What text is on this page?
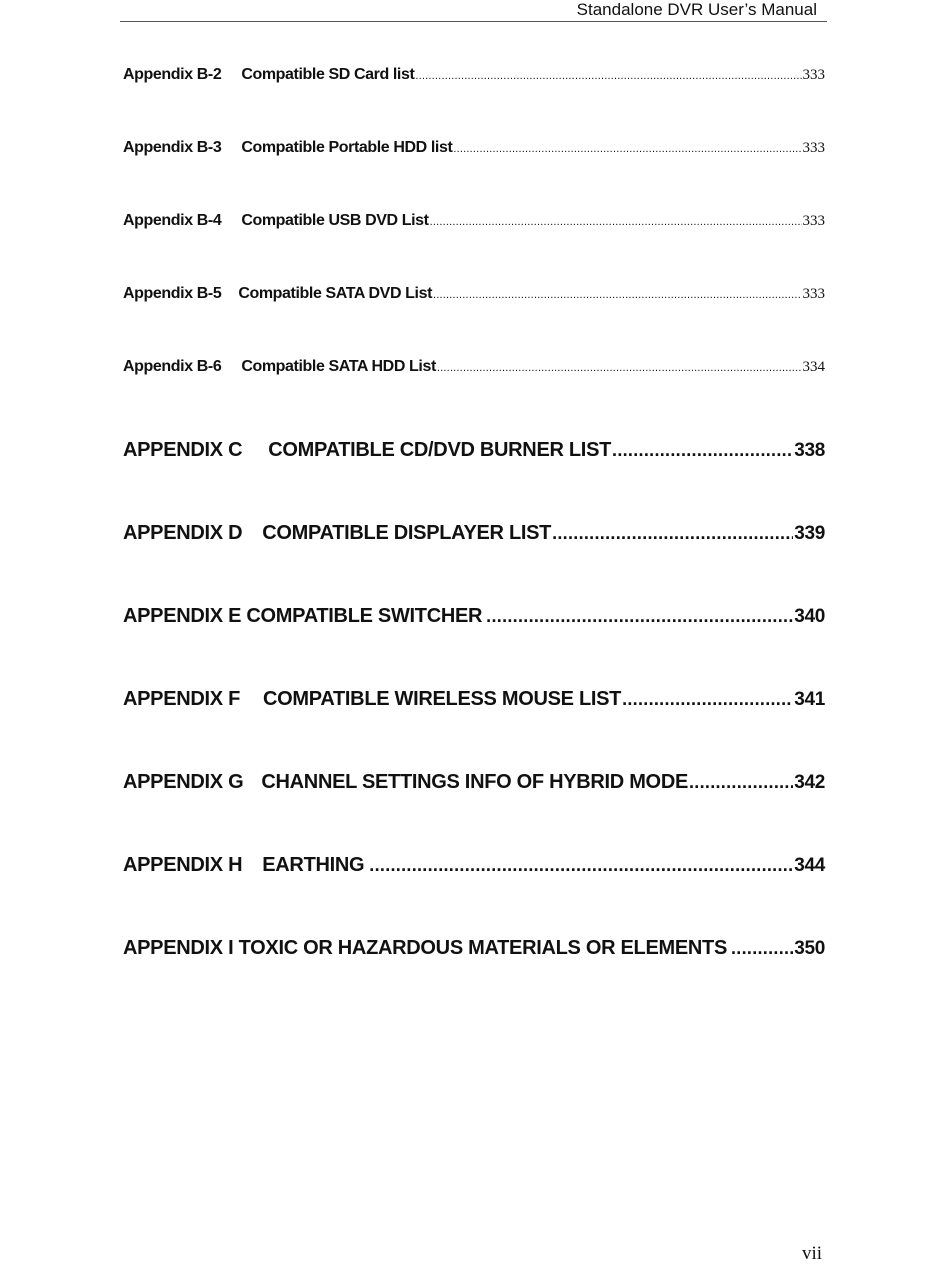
Standalone DVR User’s Manual
Appendix B-2 Compatible SD Card list .....	333
Appendix B-3 Compatible Portable HDD list .....	333
Appendix B-4 Compatible USB DVD List .....	333
Appendix B-5 Compatible SATA DVD List .....	333
Appendix B-6 Compatible SATA HDD List .....	334
APPENDIX C COMPATIBLE CD/DVD BURNER LIST .....	338
APPENDIX D COMPATIBLE DISPLAYER LIST .....	339
APPENDIX E COMPATIBLE SWITCHER .....	340
APPENDIX F COMPATIBLE WIRELESS MOUSE LIST .....	341
APPENDIX G CHANNEL SETTINGS INFO OF HYBRID MODE .....	342
APPENDIX H EARTHING .....	344
APPENDIX I TOXIC OR HAZARDOUS MATERIALS OR ELEMENTS .....	350
vii
